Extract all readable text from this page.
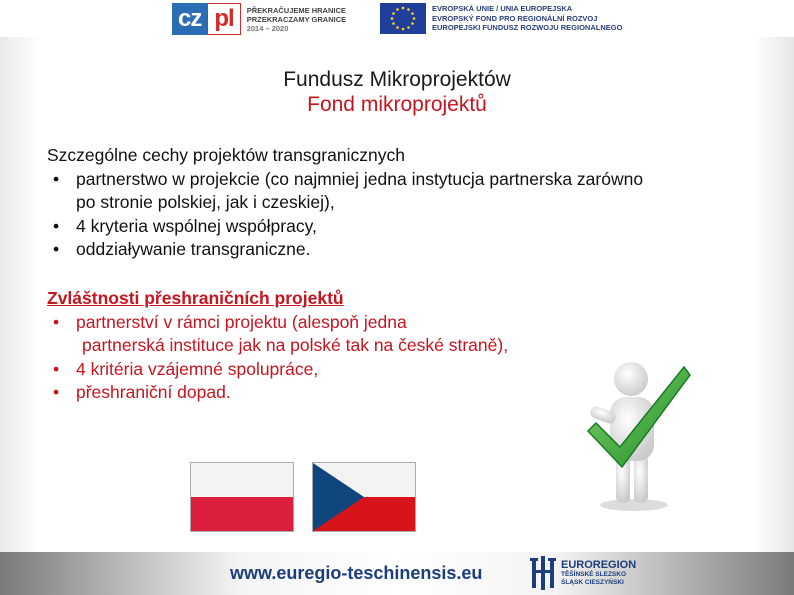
cz pl	PŘEKRAČUJEME HRANICE
PRZEKRACZAMY GRANICE
2014 – 2020
EVROPSKÁ UNIE / UNIA EUROPEJSKA
EVROPSKÝ FOND PRO REGIONÁLNÍ ROZVOJ
EUROPEJSKI FUNDUSZ ROZWOJU REGIONALNEGO
Fundusz Mikroprojektów
Fond mikroprojektů

Szczególne cechy projektów transgranicznych

• partnerstwo w projekcie (co najmniej jedna instytucja partnerska zarówno
po stronie polskiej, jak i czeskiej),
• 4 kryteria wspólnej współpracy,
• oddziaływanie transgraniczne.

Zvláštnosti přeshraničních projektů

• partnerství v rámci projektu (alespoň jedna
partnerská instituce jak na polské tak na české straně),
• 4 kritéria vzájemné spolupráce,
• přeshraniční dopad.
www.euregio-teschinensis.eu	EUROREGION
TĚŠÍNSKÉ SLEZSKO
ŚLĄSK CIESZYŃSKI
